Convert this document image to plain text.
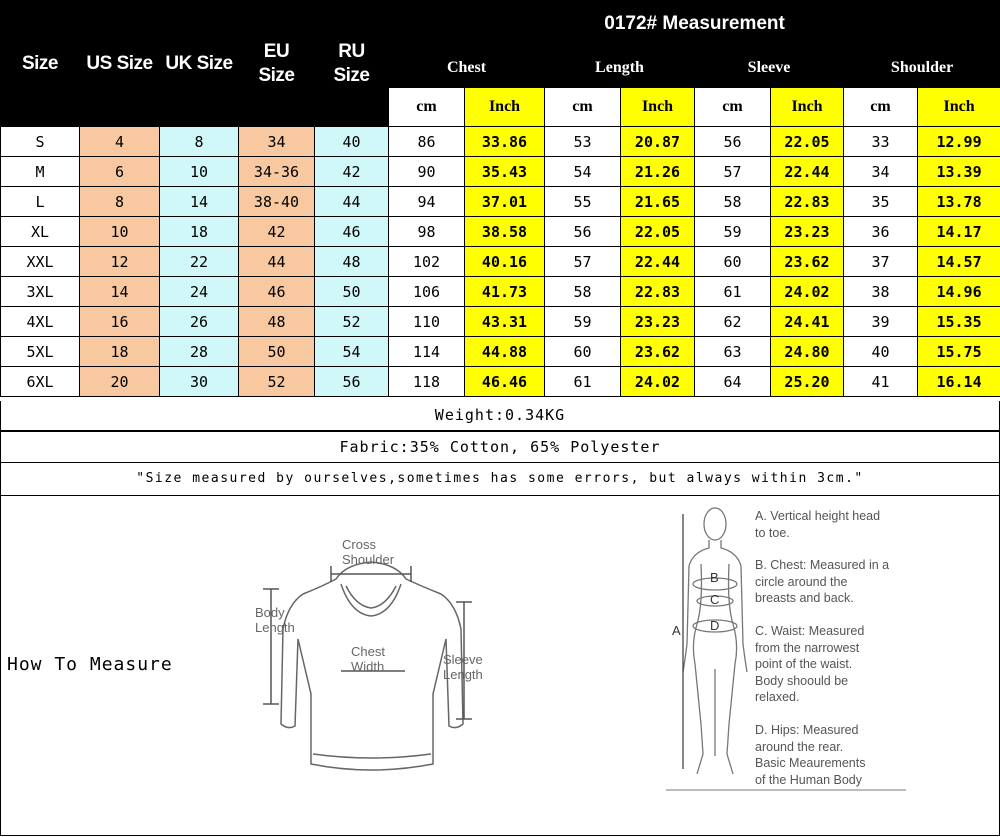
Size	US Size	UK Size	EU Size	RU Size	0172# Measurement							
					Chest		Length		Sleeve		Shoulder	
					cm	Inch	cm	Inch	cm	Inch	cm	Inch
S	4	8	34	40	86	33.86	53	20.87	56	22.05	33	12.99
M	6	10	34-36	42	90	35.43	54	21.26	57	22.44	34	13.39
L	8	14	38-40	44	94	37.01	55	21.65	58	22.83	35	13.78
XL	10	18	42	46	98	38.58	56	22.05	59	23.23	36	14.17
XXL	12	22	44	48	102	40.16	57	22.44	60	23.62	37	14.57
3XL	14	24	46	50	106	41.73	58	22.83	61	24.02	38	14.96
4XL	16	26	48	52	110	43.31	59	23.23	62	24.41	39	15.35
5XL	18	28	50	54	114	44.88	60	23.62	63	24.80	40	15.75
6XL	20	30	52	56	118	46.46	61	24.02	64	25.20	41	16.14
Weight:0.34KG
Fabric:35% Cotton, 65% Polyester
"Size measured by ourselves,sometimes has some errors, but always within 3cm."
How To Measure
Cross Shoulder
Body Length
Chest Width	Sleeve Length
B
C
D
A
A. Vertical height head
to toe.
B. Chest: Measured in a
circle around the
breasts and back.
C. Waist: Measured
from the narrowest
point of the waist.
Body shoould be
relaxed.
D. Hips: Measured
around the rear.
Basic Meaurements
of the Human Body
